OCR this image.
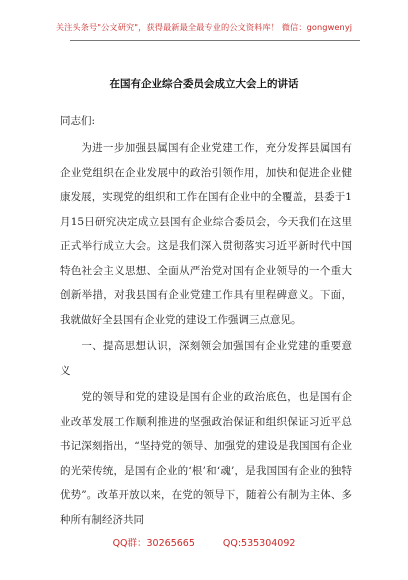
关注头条号"公文研究"，获得最新最全最专业的公文资料库！ 微信：gongwenyj
在国有企业综合委员会成立大会上的讲话
同志们:
为进一步加强县属国有企业党建工作，充分发挥县属国有企业党组织在企业发展中的政治引领作用，加快和促进企业健康发展，实现党的组织和工作在国有企业中的全覆盖，县委于1月15日研究决定成立县国有企业综合委员会，今天我们在这里正式举行成立大会。这是我们深入贯彻落实习近平新时代中国特色社会主义思想、全面从严治党对国有企业领导的一个重大创新举措，对我县国有企业党建工作具有里程碑意义。下面，我就做好全县国有企业党的建设工作强调三点意见。
一、提高思想认识，深刻领会加强国有企业党建的重要意义
党的领导和党的建设是国有企业的政治底色，也是国有企业改革发展工作顺利推进的坚强政治保证和组织保证习近平总书记深刻指出，“坚持党的领导、加强党的建设是我国国有企业的光荣传统，是国有企业的‘根’和‘魂’，是我国国有企业的独特优势”。改革开放以来，在党的领导下，随着公有制为主体、多种所有制经济共同
QQ群：30265665	QQ:535304092
